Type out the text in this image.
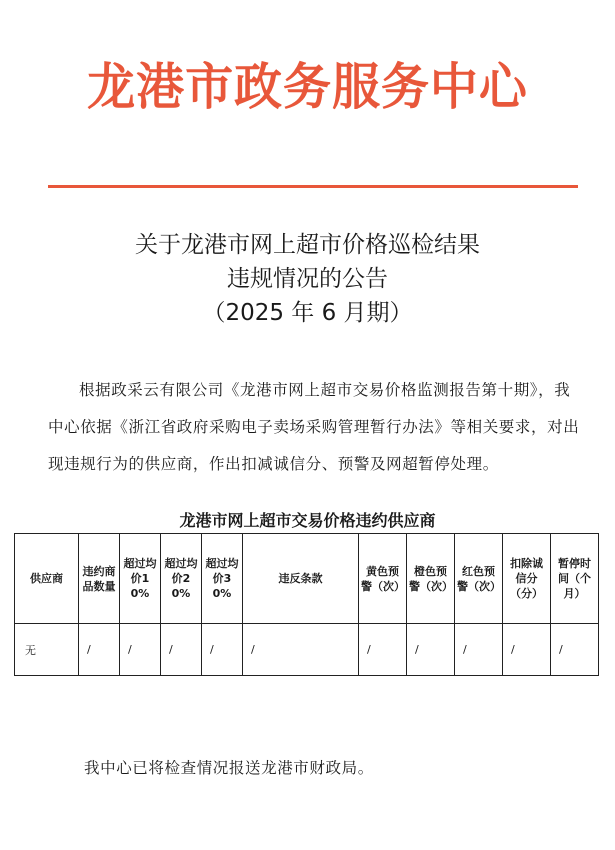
龙港市政务服务中心
关于龙港市网上超市价格巡检结果
违规情况的公告
（2025 年 6 月期）
根据政采云有限公司《龙港市网上超市交易价格监测报告第十期》，我中心依据《浙江省政府采购电子卖场采购管理暂行办法》等相关要求，对出现违规行为的供应商，作出扣减诚信分、预警及网超暂停处理。
龙港市网上超市交易价格违约供应商
供应商	违约商品数量	超过均价10%	超过均价20%	超过均价30%	违反条款	黄色预警（次）	橙色预警（次）	红色预警（次）	扣除诚信分（分）	暂停时间（个月）
无	/	/	/	/	/	/	/	/	/	/
我中心已将检查情况报送龙港市财政局。
